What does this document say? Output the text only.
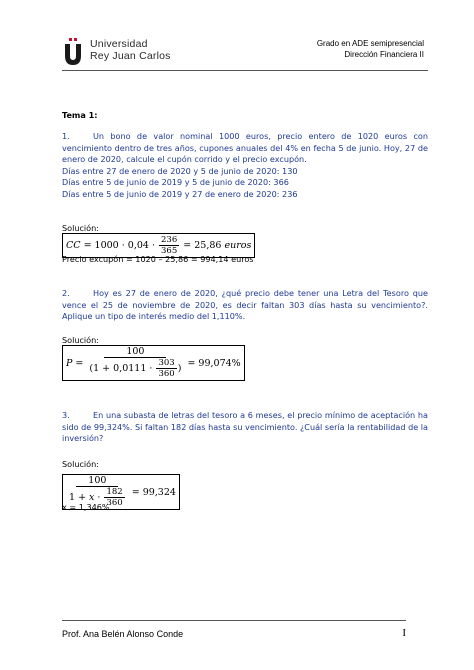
Universidad
Rey Juan Carlos
Grado en ADE semipresencial
Dirección Financiera II
Tema 1:
1.	Un bono de valor nominal 1000 euros, precio entero de 1020 euros con vencimiento dentro de tres años, cupones anuales del 4% en fecha 5 de junio. Hoy, 27 de enero de 2020, calcule el cupón corrido y el precio excupón.
Días entre 27 de enero de 2020 y 5 de junio de 2020: 130
Días entre 5 de junio de 2019 y 5 de junio de 2020: 366
Días entre 5 de junio de 2019 y 27 de enero de 2020: 236
Solución:
CC = $1000 \cdot 0,04 \cdot \frac{236}{365} = 25,86$ euros
Precio excupón = 1020 – 25,86 = 994,14 euros
2.	Hoy es 27 de enero de 2020, ¿qué precio debe tener una Letra del Tesoro que vence el 25 de noviembre de 2020, es decir faltan 303 días hasta su vencimiento?. Aplique un tipo de interés medio del 1,110%.
Solución:
P =
100
($1 + 0,0111 \cdot \frac{303}{360}$ ) = 99,074%
3.	En una subasta de letras del tesoro a 6 meses, el precio mínimo de aceptación ha sido de 99,324%. Si faltan 182 días hasta su vencimiento. ¿Cuál sería la rentabilidad de la inversión?
Solución:
100
$1 + x \cdot \frac{182}{360} = 99,324$
x = 1,346%
Prof. Ana Belén Alonso Conde	I
